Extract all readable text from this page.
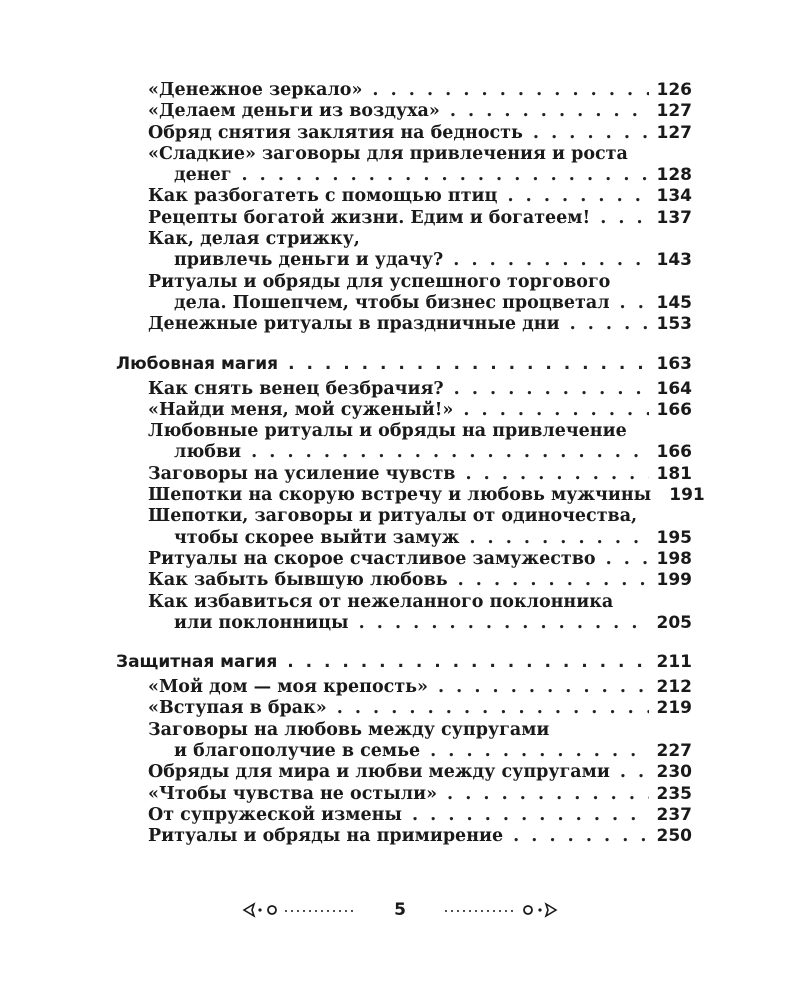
«Денежное зеркало» . . .	126
«Делаем деньги из воздуха» . . .	127
Обряд снятия заклятия на бедность . . .	127
«Сладкие» заговоры для привлечения и роста
денег . . .	128
Как разбогатеть с помощью птиц . . .	134
Рецепты богатой жизни. Едим и богатеем! . . .	137
Как, делая стрижку,
привлечь деньги и удачу? . . .	143
Ритуалы и обряды для успешного торгового
дела. Пошепчем, чтобы бизнес процветал . . .	145
Денежные ритуалы в праздничные дни . . .	153
Любовная магия . . .	163
Как снять венец безбрачия? . . .	164
«Найди меня, мой суженый!» . . .	166
Любовные ритуалы и обряды на привлечение
любви . . .	166
Заговоры на усиление чувств . . .	181
Шепотки на скорую встречу и любовь мужчины 191
Шепотки, заговоры и ритуалы от одиночества,
чтобы скорее выйти замуж . . .	195
Ритуалы на скорое счастливое замужество . . .	198
Как забыть бывшую любовь . . .	199
Как избавиться от нежеланного поклонника
или поклонницы . . .	205
Защитная магия . . .	211
«Мой дом — моя крепость» . . .	212
«Вступая в брак» . . .	219
Заговоры на любовь между супругами
и благополучие в семье . . .	227
Обряды для мира и любви между супругами . . .	230
«Чтобы чувства не остыли» . . .	235
От супружеской измены . . .	237
Ритуалы и обряды на примирение . . .	250
5
